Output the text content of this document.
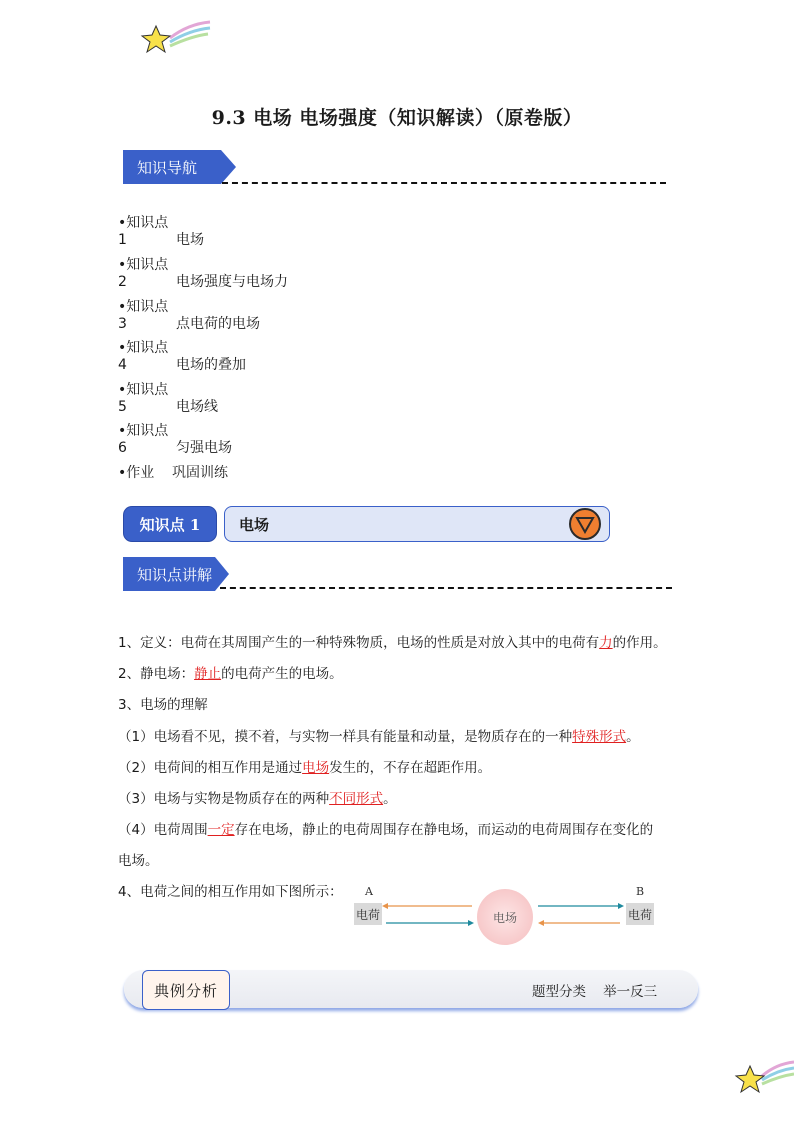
9.3 电场 电场强度（知识解读）（原卷版）
知识导航
•知识点 1	电场
•知识点 2	电场强度与电场力
•知识点 3	点电荷的电场
•知识点 4	电场的叠加
•知识点 5	电场线
•知识点 6	匀强电场
•作业 巩固训练
知识点 1	电场
知识点讲解
1、定义：电荷在其周围产生的一种特殊物质，电场的性质是对放入其中的电荷有力的作用。
2、静电场：静止的电荷产生的电场。
3、电场的理解
（1）电场看不见，摸不着，与实物一样具有能量和动量，是物质存在的一种特殊形式。
（2）电荷间的相互作用是通过电场发生的，不存在超距作用。
（3）电场与实物是物质存在的两种不同形式。
（4）电荷周围一定存在电场，静止的电荷周围存在静电场，而运动的电荷周围存在变化的
电场。
4、电荷之间的相互作用如下图所示： A	B
电荷	电荷
电场
典例分析	题型分类    举一反三
